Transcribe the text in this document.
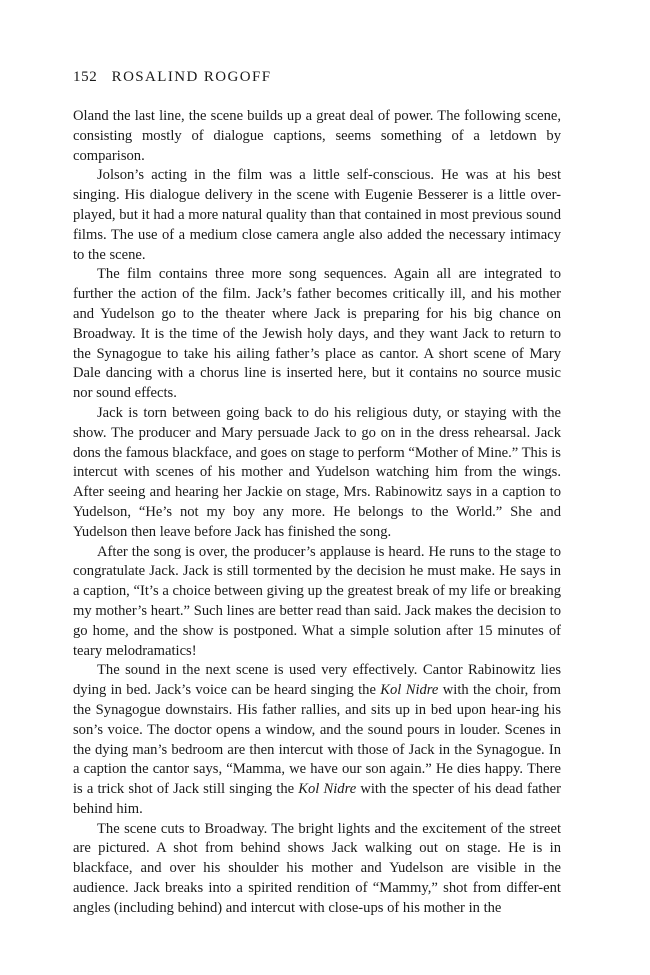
152 ROSALIND ROGOFF

Oland the last line, the scene builds up a great deal of power. The following scene, consisting mostly of dialogue captions, seems something of a letdown by comparison.

Jolson’s acting in the film was a little self-conscious. He was at his best singing. His dialogue delivery in the scene with Eugenie Besserer is a little over-played, but it had a more natural quality than that contained in most previous sound films. The use of a medium close camera angle also added the necessary intimacy to the scene.

The film contains three more song sequences. Again all are integrated to further the action of the film. Jack’s father becomes critically ill, and his mother and Yudelson go to the theater where Jack is preparing for his big chance on Broadway. It is the time of the Jewish holy days, and they want Jack to return to the Synagogue to take his ailing father’s place as cantor. A short scene of Mary Dale dancing with a chorus line is inserted here, but it contains no source music nor sound effects.

Jack is torn between going back to do his religious duty, or staying with the show. The producer and Mary persuade Jack to go on in the dress rehearsal. Jack dons the famous blackface, and goes on stage to perform “Mother of Mine.” This is intercut with scenes of his mother and Yudelson watching him from the wings. After seeing and hearing her Jackie on stage, Mrs. Rabinowitz says in a caption to Yudelson, “He’s not my boy any more. He belongs to the World.” She and Yudelson then leave before Jack has finished the song.

After the song is over, the producer’s applause is heard. He runs to the stage to congratulate Jack. Jack is still tormented by the decision he must make. He says in a caption, “It’s a choice between giving up the greatest break of my life or breaking my mother’s heart.” Such lines are better read than said. Jack makes the decision to go home, and the show is postponed. What a simple solution after 15 minutes of teary melodramatics!

The sound in the next scene is used very effectively. Cantor Rabinowitz lies dying in bed. Jack’s voice can be heard singing the Kol Nidre with the choir, from the Synagogue downstairs. His father rallies, and sits up in bed upon hear-ing his son’s voice. The doctor opens a window, and the sound pours in louder. Scenes in the dying man’s bedroom are then intercut with those of Jack in the Synagogue. In a caption the cantor says, “Mamma, we have our son again.” He dies happy. There is a trick shot of Jack still singing the Kol Nidre with the specter of his dead father behind him.

The scene cuts to Broadway. The bright lights and the excitement of the street are pictured. A shot from behind shows Jack walking out on stage. He is in blackface, and over his shoulder his mother and Yudelson are visible in the audience. Jack breaks into a spirited rendition of “Mammy,” shot from differ-ent angles (including behind) and intercut with close-ups of his mother in the
